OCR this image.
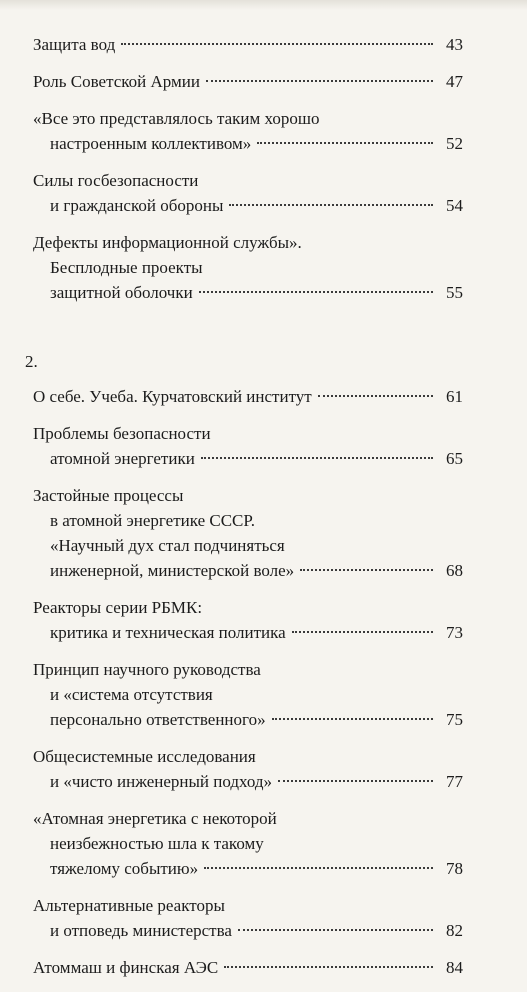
Защита вод	43
Роль Советской Армии	47
«Все это представлялось таким хорошо
настроенным коллективом»	52
Силы госбезопасности
и гражданской обороны	54
Дефекты информационной службы».
Бесплодные проекты
защитной оболочки	55
2.
О себе. Учеба. Курчатовский институт	61
Проблемы безопасности
атомной энергетики	65
Застойные процессы
в атомной энергетике СССР.
«Научный дух стал подчиняться
инженерной, министерской воле»	68
Реакторы серии РБМК:
критика и техническая политика	73
Принцип научного руководства
и «система отсутствия
персонально ответственного»	75
Общесистемные исследования
и «чисто инженерный подход»	77
«Атомная энергетика с некоторой
неизбежностью шла к такому
тяжелому событию»	78
Альтернативные реакторы
и отповедь министерства	82
Атоммаш и финская АЭС	84
